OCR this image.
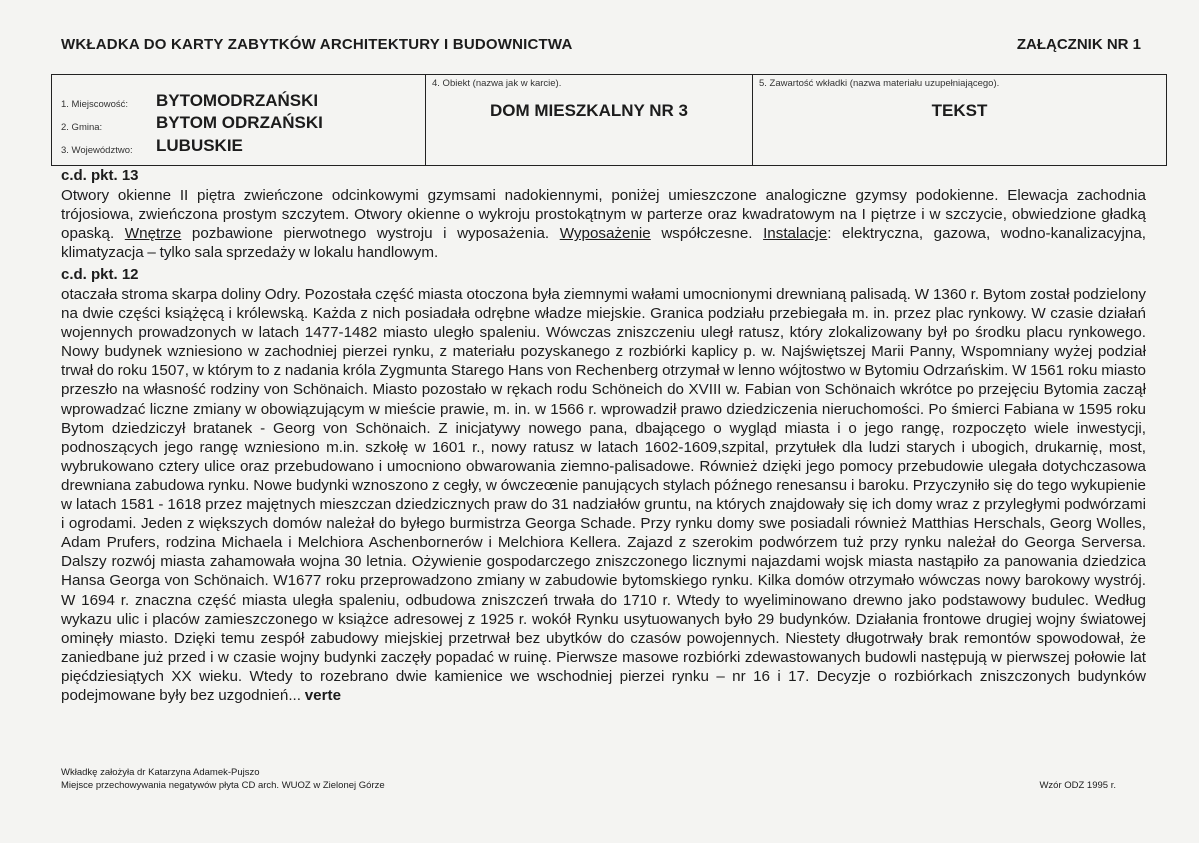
WKŁADKA DO KARTY ZABYTKÓW ARCHITEKTURY I BUDOWNICTWA	ZAŁĄCZNIK NR 1
1. Miejscowość: BYTOMODRZAŃSKI
2. Gmina:	BYTOM ODRZAŃSKI
3. Województwo: LUBUSKIE
4. Obiekt (nazwa jak w karcie).
DOM MIESZKALNY NR 3
5. Zawartość wkładki (nazwa materiału uzupełniającego).
TEKST
c.d. pkt. 13
Otwory okienne II piętra zwieńczone odcinkowymi gzymsami nadokiennymi, poniżej umieszczone analogiczne gzymsy podokienne. Elewacja zachodnia trójosiowa, zwieńczona prostym szczytem. Otwory okienne o wykroju prostokątnym w parterze oraz kwadratowym na I piętrze i w szczycie, obwiedzione gładką opaską. Wnętrze pozbawione pierwotnego wystroju i wyposażenia. Wyposażenie współczesne. Instalacje: elektryczna, gazowa, wodno-kanalizacyjna, klimatyzacja – tylko sala sprzedaży w lokalu handlowym.
c.d. pkt. 12
otaczała stroma skarpa doliny Odry. Pozostała część miasta otoczona była ziemnymi wałami umocnionymi drewnianą palisadą. W 1360 r. Bytom został podzielony na dwie części książęcą i królewską. Każda z nich posiadała odrębne władze miejskie. Granica podziału przebiegała m. in. przez plac rynkowy. W czasie działań wojennych prowadzonych w latach 1477-1482 miasto uległo spaleniu. Wówczas zniszczeniu uległ ratusz, który zlokalizowany był po środku placu rynkowego. Nowy budynek wzniesiono w zachodniej pierzei rynku, z materiału pozyskanego z rozbiórki kaplicy p. w. Najświętszej Marii Panny, Wspomniany wyżej podział trwał do roku 1507, w którym to z nadania króla Zygmunta Starego Hans von Rechenberg otrzymał w lenno wójtostwo w Bytomiu Odrzańskim. W 1561 roku miasto przeszło na własność rodziny von Schönaich. Miasto pozostało w rękach rodu Schöneich do XVIII w. Fabian von Schönaich wkrótce po przejęciu Bytomia zaczął wprowadzać liczne zmiany w obowiązującym w mieście prawie, m. in. w 1566 r. wprowadził prawo dziedziczenia nieruchomości. Po śmierci Fabiana w 1595 roku Bytom dziedziczył bratanek - Georg von Schönaich. Z inicjatywy nowego pana, dbającego o wygląd miasta i o jego rangę, rozpoczęto wiele inwestycji, podnoszących jego rangę wzniesiono m.in. szkołę w 1601 r., nowy ratusz w latach 1602-1609,szpital, przytułek dla ludzi starych i ubogich, drukarnię, most, wybrukowano cztery ulice oraz przebudowano i umocniono obwarowania ziemno-palisadowe. Również dzięki jego pomocy przebudowie ulegała dotychczasowa drewniana zabudowa rynku. Nowe budynki wznoszono z cegły, w ówczeœnie panujących stylach późnego renesansu i baroku. Przyczyniło się do tego wykupienie w latach 1581 - 1618 przez majętnych mieszczan dziedzicznych praw do 31 nadziałów gruntu, na których znajdowały się ich domy wraz z przyległymi podwórzami i ogrodami. Jeden z większych domów należał do byłego burmistrza Georga Schade. Przy rynku domy swe posiadali również Matthias Herschals, Georg Wolles, Adam Prufers, rodzina Michaela i Melchiora Aschenbornerów i Melchiora Kellera. Zajazd z szerokim podwórzem tuż przy rynku należał do Georga Serversa. Dalszy rozwój miasta zahamowała wojna 30 letnia. Ożywienie gospodarczego zniszczonego licznymi najazdami wojsk miasta nastąpiło za panowania dziedzica Hansa Georga von Schönaich. W1677 roku przeprowadzono zmiany w zabudowie bytomskiego rynku. Kilka domów otrzymało wówczas nowy barokowy wystrój. W 1694 r. znaczna część miasta uległa spaleniu, odbudowa zniszczeń trwała do 1710 r. Wtedy to wyeliminowano drewno jako podstawowy budulec. Według wykazu ulic i placów zamieszczonego w książce adresowej z 1925 r. wokół Rynku usytuowanych było 29 budynków. Działania frontowe drugiej wojny światowej ominęły miasto. Dzięki temu zespół zabudowy miejskiej przetrwał bez ubytków do czasów powojennych. Niestety długotrwały brak remontów spowodował, że zaniedbane już przed i w czasie wojny budynki zaczęły popadać w ruinę. Pierwsze masowe rozbiórki zdewastowanych budowli następują w pierwszej połowie lat pięćdziesiątych XX wieku. Wtedy to rozebrano dwie kamienice we wschodniej pierzei rynku – nr 16 i 17. Decyzje o rozbiórkach zniszczonych budynków podejmowane były bez uzgodnień... verte
Wkładkę założyła dr Katarzyna Adamek-Pujszo
Miejsce przechowywania negatywów płyta CD arch. WUOZ w Zielonej Górze	Wzór ODZ 1995 r.
